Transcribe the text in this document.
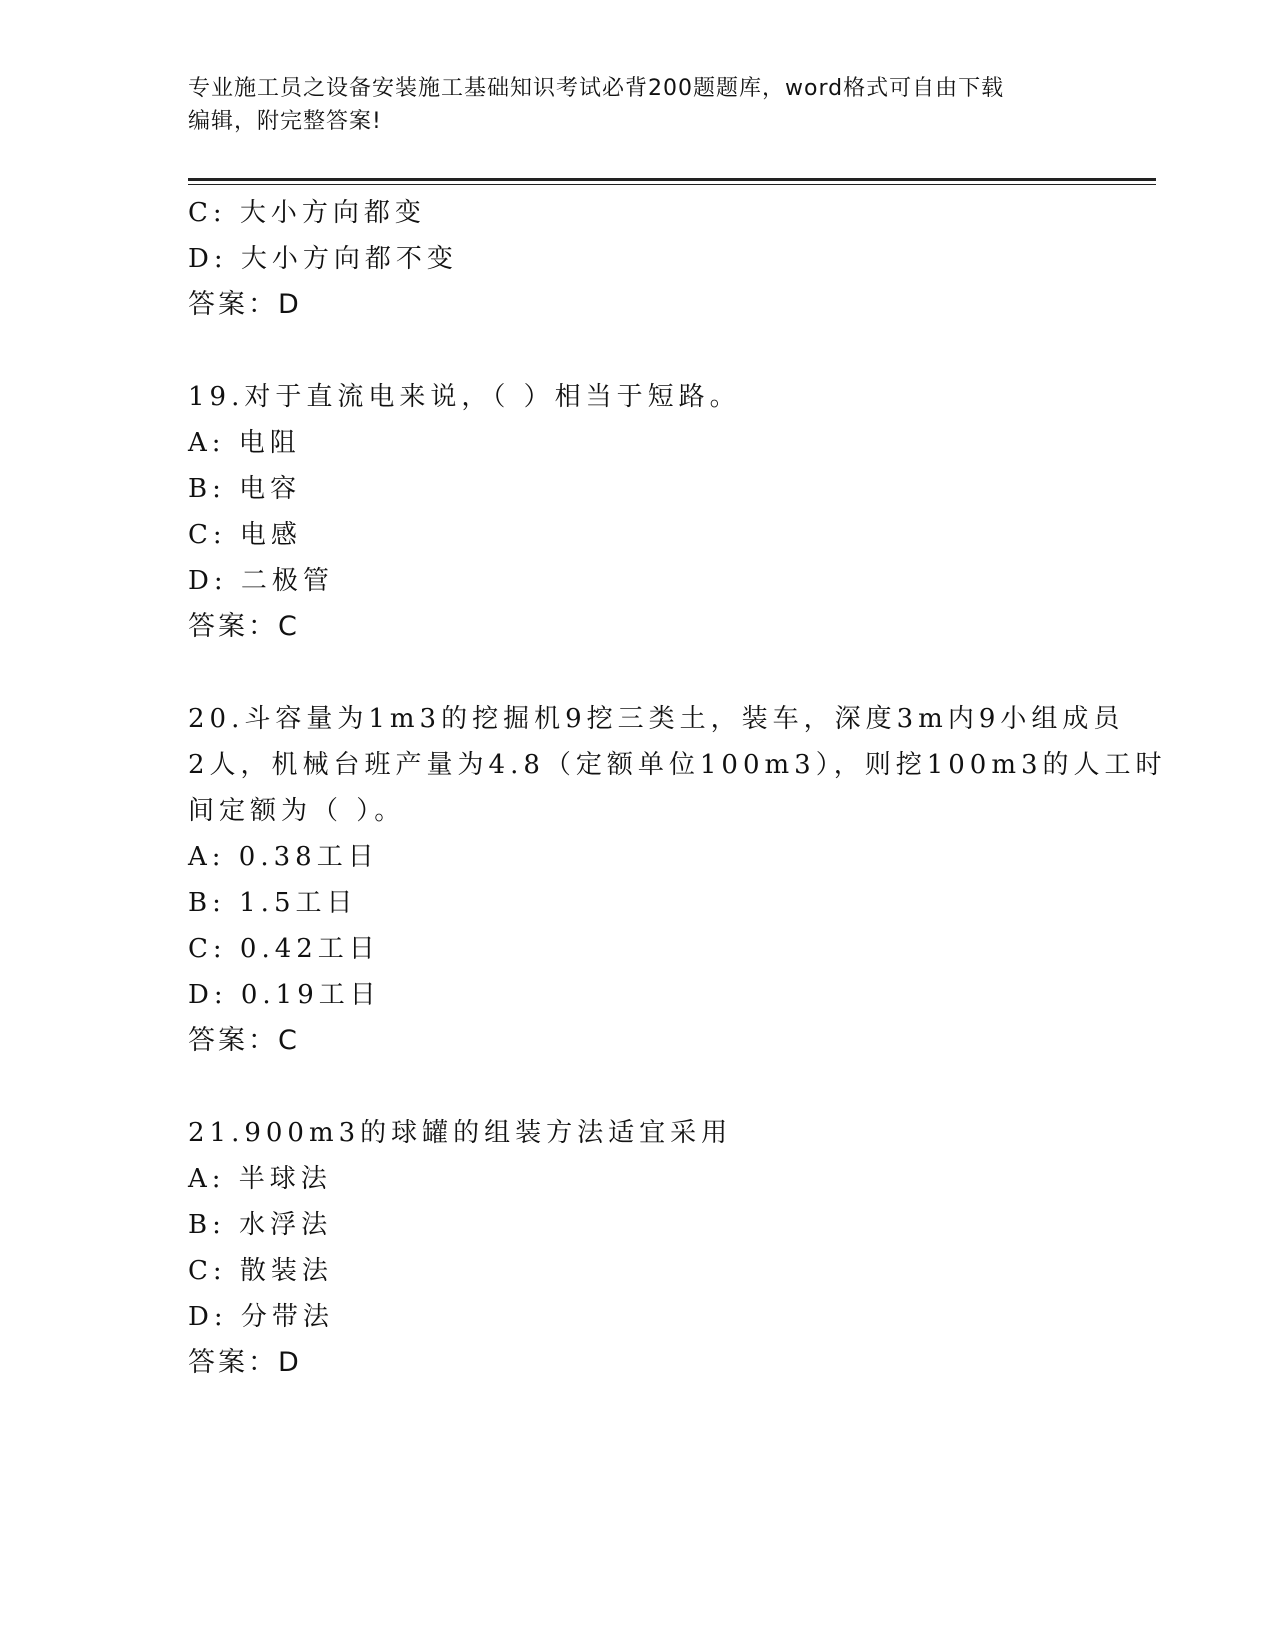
专业施工员之设备安装施工基础知识考试必背200题题库，word格式可自由下载
编辑，附完整答案!
C: 大小方向都变
D: 大小方向都不变
答案：D
19.对于直流电来说，（ ）相当于短路。
A: 电阻
B: 电容
C: 电感
D: 二极管
答案：C
20.斗容量为1m3的挖掘机9挖三类土，装车，深度3m内9小组成员
2人，机械台班产量为4.8（定额单位100m3），则挖100m3的人工时
间定额为（ ）。
A: 0.38工日
B: 1.5工日
C: 0.42工日
D: 0.19工日
答案：C
21.900m3的球罐的组装方法适宜采用
A: 半球法
B: 水浮法
C: 散装法
D: 分带法
答案：D
